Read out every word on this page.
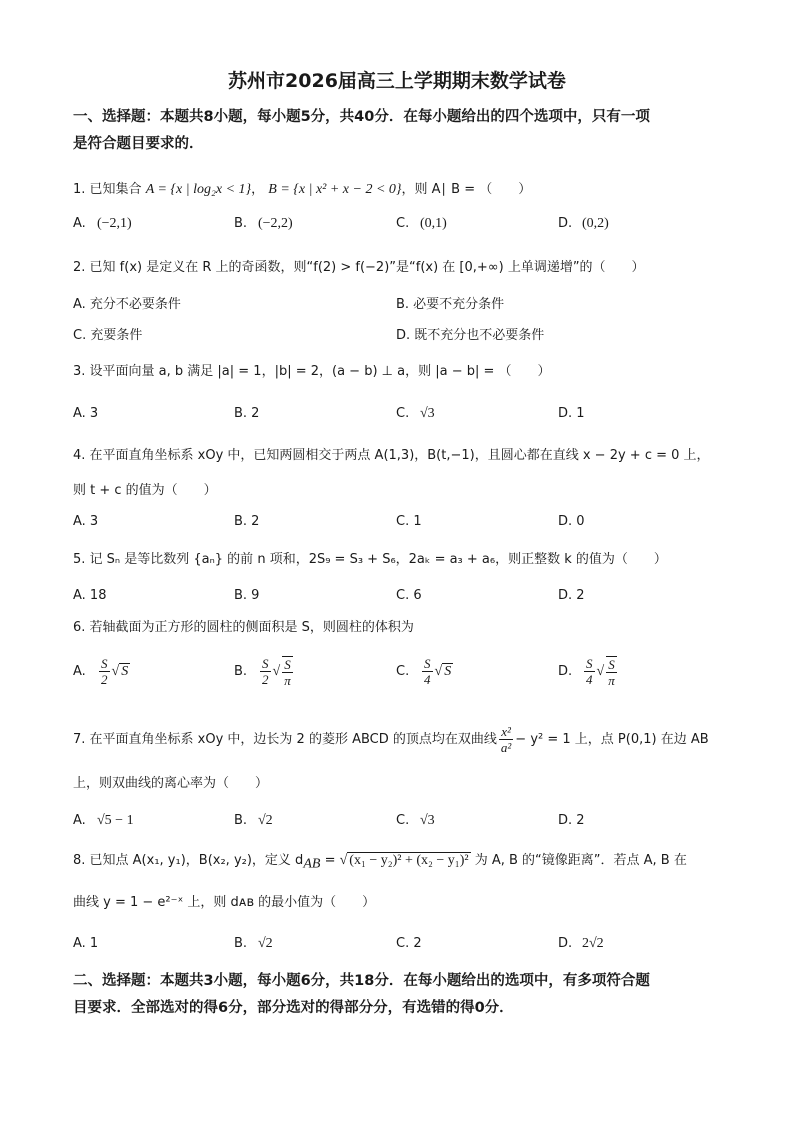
苏州市2026届高三上学期期末数学试卷
一、选择题：本题共8小题，每小题5分，共40分．在每小题给出的四个选项中，只有一项
是符合题目要求的．
1. 已知集合 A = {x | log₂x < 1}， B = {x | x² + x − 2 < 0}，则 A∣ B = （　　）
A. (−2,1)	B. (−2,2)	C. (0,1)	D. (0,2)
2. 已知 f(x) 是定义在 R 上的奇函数，则“f(2) > f(−2)”是“f(x) 在 [0,+∞) 上单调递增”的（　　）
A. 充分不必要条件	B. 必要不充分条件
C. 充要条件	D. 既不充分也不必要条件
3. 设平面向量 a, b 满足 |a| = 1，|b| = 2，(a − b) ⊥ a，则 |a − b| = （　　）
A. 3	B. 2	C. √3	D. 1
4. 在平面直角坐标系 xOy 中，已知两圆相交于两点 A(1,3)，B(t,−1)，且圆心都在直线 x − 2y + c = 0 上，
则 t + c 的值为（　　）
A. 3	B. 2	C. 1	D. 0
5. 记 Sₙ 是等比数列 {aₙ} 的前 n 项和，2S₉ = S₃ + S₆，2aₖ = a₃ + a₆，则正整数 k 的值为（　　）
A. 18	B. 9	C. 6	D. 2
6. 若轴截面为正方形的圆柱的侧面积是 S，则圆柱的体积为
A. $\frac{S}{2}$ √ S	B. $\frac{S}{2}$ √ $\frac{S}{\pi}$	C. $\frac{S}{4}$ √ S	D. $\frac{S}{4}$ √ $\frac{S}{\pi}$
7. 在平面直角坐标系 xOy 中，边长为 2 的菱形 ABCD 的顶点均在双曲线 $\frac{\text{x²}}{\text{a²}} - y^2 = 1$ 上，点 P(0,1) 在边 AB
上，则双曲线的离心率为（　　）
A. √5 − 1	B. √2	C. √3	D. 2
8. 已知点 A(x₁, y₁)，B(x₂, y₂)，定义 $d_{AB}$ = √ (x₁ − y₂)² + (x₂ − y₁)² 为 A, B 的“镜像距离”．若点 A, B 在
曲线 y = 1 − e²⁻ˣ 上，则 dᴀʙ 的最小值为（　　）
A. 1	B. √2	C. 2	D. 2√2
二、选择题：本题共3小题，每小题6分，共18分．在每小题给出的选项中，有多项符合题
目要求．全部选对的得6分，部分选对的得部分分，有选错的得0分．
